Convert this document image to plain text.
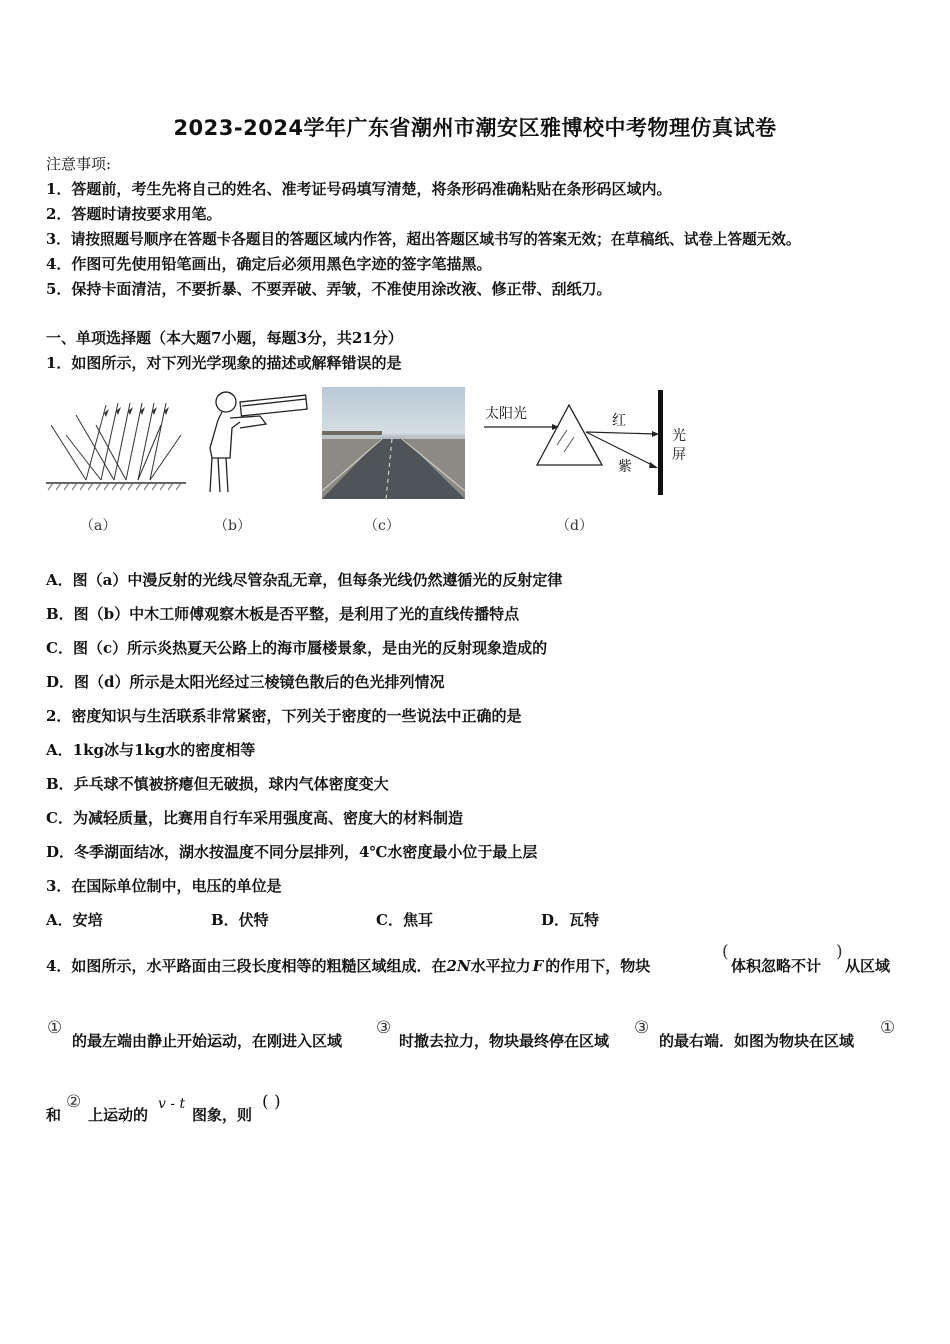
2023-2024学年广东省潮州市潮安区雅博校中考物理仿真试卷
注意事项:
1．答题前，考生先将自己的姓名、准考证号码填写清楚，将条形码准确粘贴在条形码区域内。
2．答题时请按要求用笔。
3．请按照题号顺序在答题卡各题目的答题区域内作答，超出答题区域书写的答案无效；在草稿纸、试卷上答题无效。
4．作图可先使用铅笔画出，确定后必须用黑色字迹的签字笔描黑。
5．保持卡面清洁，不要折暴、不要弄破、弄皱，不准使用涂改液、修正带、刮纸刀。
一、单项选择题（本大题7小题，每题3分，共21分）
1．如图所示，对下列光学现象的描述或解释错误的是
（a）	（b）	（c）
太阳光	红
紫
光
屏
（d）
A．图（a）中漫反射的光线尽管杂乱无章，但每条光线仍然遵循光的反射定律
B．图（b）中木工师傅观察木板是否平整，是利用了光的直线传播特点
C．图（c）所示炎热夏天公路上的海市蜃楼景象，是由光的反射现象造成的
D．图（d）所示是太阳光经过三棱镜色散后的色光排列情况
2．密度知识与生活联系非常紧密，下列关于密度的一些说法中正确的是
A．1kg冰与1kg水的密度相等
B．乒乓球不慎被挤瘪但无破损，球内气体密度变大
C．为减轻质量，比赛用自行车采用强度高、密度大的材料制造
D．冬季湖面结冰，湖水按温度不同分层排列，4℃水密度最小位于最上层
3．在国际单位制中，电压的单位是
A．安培	B．伏特	C．焦耳	D．瓦特
4．如图所示，水平路面由三段长度相等的粗糙区域组成．在2N水平拉力 F 的作用下，物块
(
体积忽略不计
)
从区域
①
的最左端由静止开始运动，在刚进入区域
③
时撤去拉力，物块最终停在区域
③
的最右端．如图为物块在区域
①
和
②
上运动的
v - t
图象，则
( )
